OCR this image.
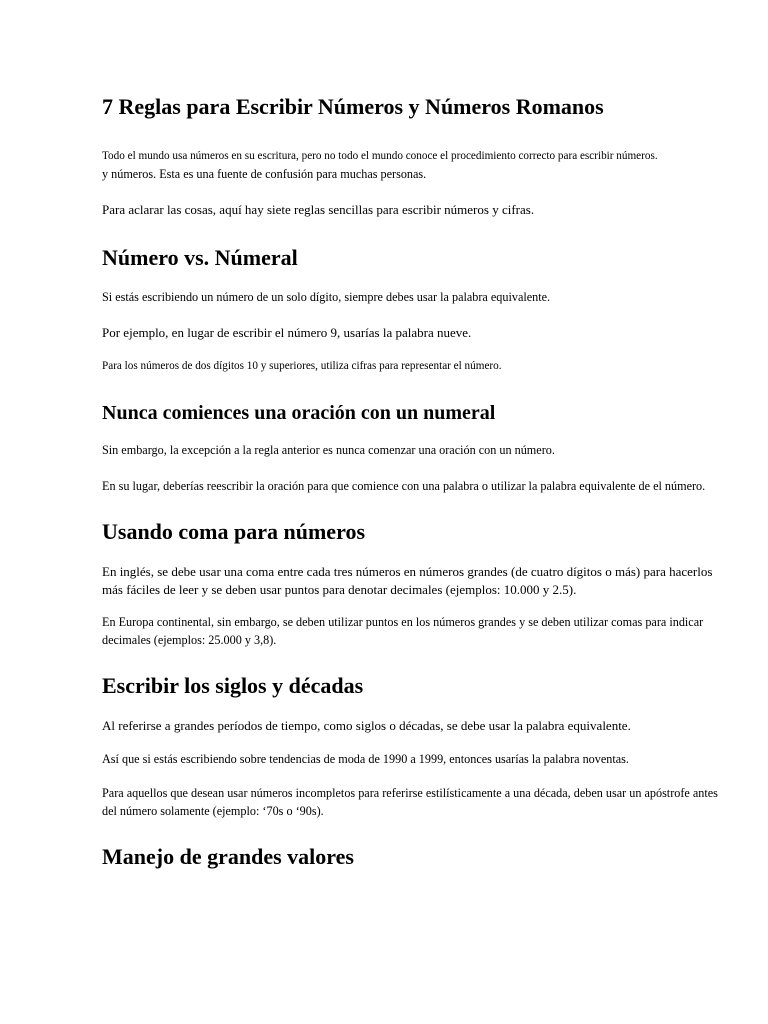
7 Reglas para Escribir Números y Números Romanos

Todo el mundo usa números en su escritura, pero no todo el mundo conoce el procedimiento correcto para escribir números.
y números. Esta es una fuente de confusión para muchas personas.

Para aclarar las cosas, aquí hay siete reglas sencillas para escribir números y cifras.

Número vs. Númeral

Si estás escribiendo un número de un solo dígito, siempre debes usar la palabra equivalente.

Por ejemplo, en lugar de escribir el número 9, usarías la palabra nueve.

Para los números de dos dígitos 10 y superiores, utiliza cifras para representar el número.

Nunca comiences una oración con un numeral

Sin embargo, la excepción a la regla anterior es nunca comenzar una oración con un número.

En su lugar, deberías reescribir la oración para que comience con una palabra o utilizar la palabra equivalente de el número.

Usando coma para números

En inglés, se debe usar una coma entre cada tres números en números grandes (de cuatro dígitos o más) para hacerlos más fáciles de leer y se deben usar puntos para denotar decimales (ejemplos: 10.000 y 2.5).

En Europa continental, sin embargo, se deben utilizar puntos en los números grandes y se deben utilizar comas para indicar decimales (ejemplos: 25.000 y 3,8).

Escribir los siglos y décadas

Al referirse a grandes períodos de tiempo, como siglos o décadas, se debe usar la palabra equivalente.

Así que si estás escribiendo sobre tendencias de moda de 1990 a 1999, entonces usarías la palabra noventas.

Para aquellos que desean usar números incompletos para referirse estilísticamente a una década, deben usar un apóstrofe antes del número solamente (ejemplo: ‘70s o ‘90s).

Manejo de grandes valores
